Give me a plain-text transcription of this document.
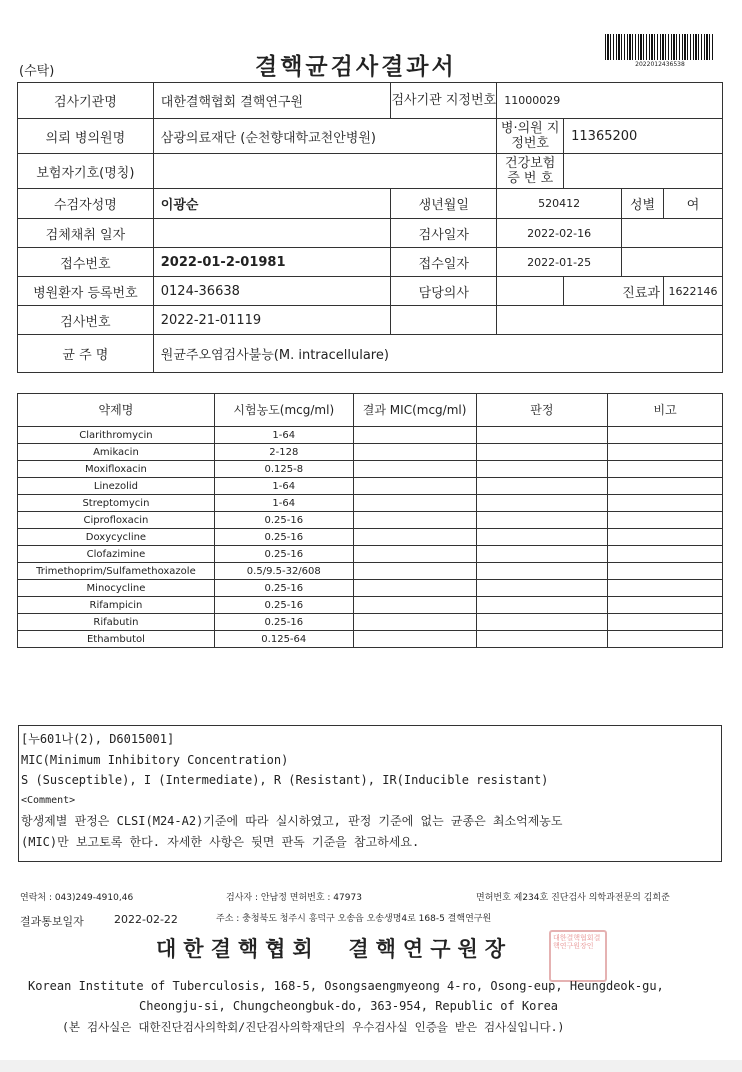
(수탁)	결핵균검사결과서	2022012436538
검사기관명	대한결핵협회 결핵연구원	검사기관 지정번호	11000029			
의뢰 병의원명	삼광의료재단 (순천향대학교천안병원)		병·의원 지정번호	11365200		
보험자기호(명칭)			건강보험 증 번 호			
수검자성명	이광순	생년월일	520412		성별	여
검체채취 일자		검사일자	2022-02-16			
접수번호	2022-01-2-01981	접수일자	2022-01-25			
병원환자 등록번호	0124-36638	담당의사		진료과		1622146
검사번호	2022-21-01119					
균 주 명	원균주오염검사불능(M. intracellulare)					
약제명	시험농도(mcg/ml)	결과 MIC(mcg/ml)	판정	비고
Clarithromycin	1-64			
Amikacin	2-128			
Moxifloxacin	0.125-8			
Linezolid	1-64			
Streptomycin	1-64			
Ciprofloxacin	0.25-16			
Doxycycline	0.25-16			
Clofazimine	0.25-16			
Trimethoprim/Sulfamethoxazole	0.5/9.5-32/608			
Minocycline	0.25-16			
Rifampicin	0.25-16			
Rifabutin	0.25-16			
Ethambutol	0.125-64			
[누601나(2), D6015001]
MIC(Minimum Inhibitory Concentration)
S (Susceptible), I (Intermediate), R (Resistant), IR(Inducible resistant)
<Comment>
항생제별 판정은 CLSI(M24-A2)기준에 따라 실시하였고, 판정 기준에 없는 균종은 최소억제농도
(MIC)만 보고토록 한다. 자세한 사항은 뒷면 판독 기준을 참고하세요.
연락처 : 043)249-4910,46	검사자 : 안남정 면허번호 : 47973	면허번호 제234호 진단검사 의학과전문의 김희준
결과통보일자	2022-02-22	주소 : 충청북도 청주시 흥덕구 오송읍 오송생명4로 168-5 결핵연구원
대한결핵협회  결핵연구원장	대한결핵협회결핵연구원장인
Korean Institute of Tuberculosis, 168-5, Osongsaengmyeong 4-ro, Osong-eup, Heungdeok-gu,
Cheongju-si, Chungcheongbuk-do, 363-954, Republic of Korea
(본 검사실은 대한진단검사의학회/진단검사의학재단의 우수검사실 인증을 받은 검사실입니다.)
